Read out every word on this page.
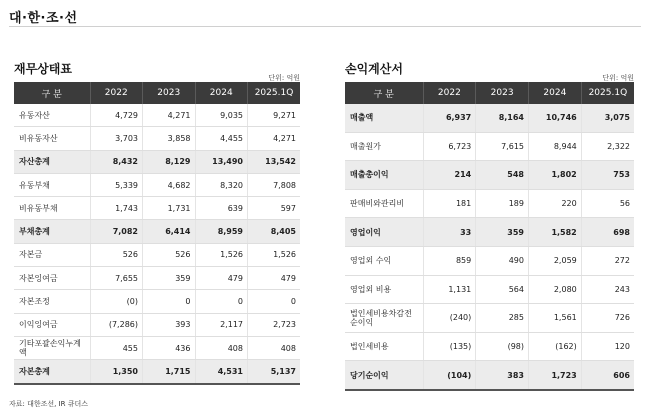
대·한·조·선
재무상태표
단위: 억원
구 분	2022	2023	2024	2025.1Q
유동자산	4,729	4,271	9,035	9,271
비유동자산	3,703	3,858	4,455	4,271
자산총계	8,432	8,129	13,490	13,542
유동부채	5,339	4,682	8,320	7,808
비유동부채	1,743	1,731	639	597
부채총계	7,082	6,414	8,959	8,405
자본금	526	526	1,526	1,526
자본잉여금	7,655	359	479	479
자본조정	(0)	0	0	0
이익잉여금	(7,286)	393	2,117	2,723
기타포괄손익누계액	455	436	408	408
자본총계	1,350	1,715	4,531	5,137
손익계산서
단위: 억원
구 분	2022	2023	2024	2025.1Q
매출액	6,937	8,164	10,746	3,075
매출원가	6,723	7,615	8,944	2,322
매출총이익	214	548	1,802	753
판매비와관리비	181	189	220	56
영업이익	33	359	1,582	698
영업외 수익	859	490	2,059	272
영업외 비용	1,131	564	2,080	243
법인세비용차감전순이익	(240)	285	1,561	726
법인세비용	(135)	(98)	(162)	120
당기순이익	(104)	383	1,723	606
자료: 대한조선, IR 큐더스
